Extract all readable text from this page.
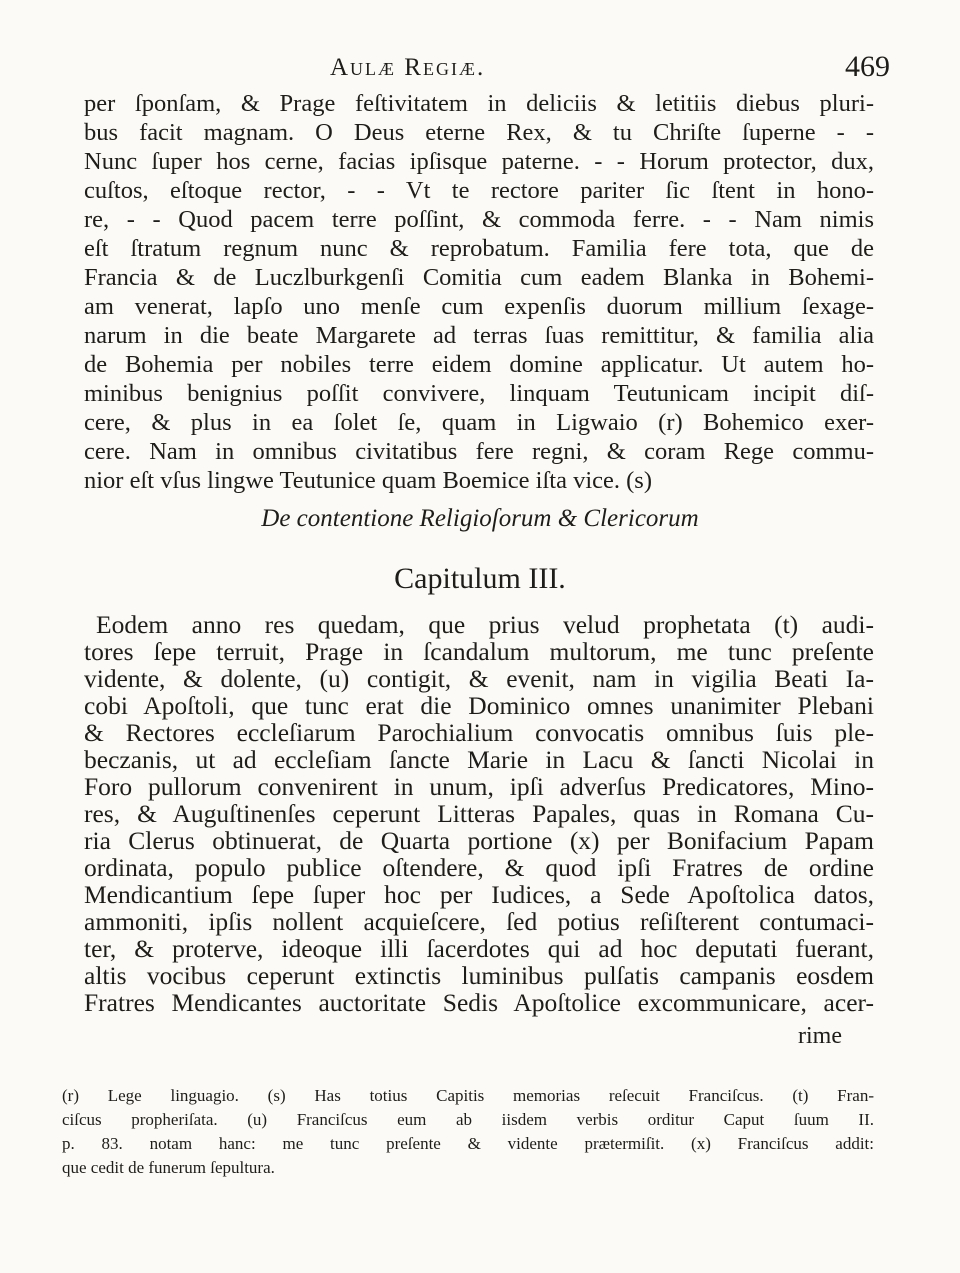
Aulæ Regiæ.	469
per ſponſam, & Prage feſtivitatem in deliciis & letitiis diebus pluri-
bus facit magnam. O Deus eterne Rex, & tu Chriſte ſuperne - -
Nunc ſuper hos cerne, facias ipſisque paterne. - - Horum protector, dux,
cuſtos, eſtoque rector, - - Vt te rectore pariter ſic ſtent in hono-
re, - - Quod pacem terre poſſint, & commoda ferre. - - Nam nimis
eſt ſtratum regnum nunc & reprobatum. Familia fere tota, que de
Francia & de Luczlburkgenſi Comitia cum eadem Blanka in Bohemi-
am venerat, lapſo uno menſe cum expenſis duorum millium ſexage-
narum in die beate Margarete ad terras ſuas remittitur, & familia alia
de Bohemia per nobiles terre eidem domine applicatur. Ut autem ho-
minibus benignius poſſit convivere, linquam Teutunicam incipit diſ-
cere, & plus in ea ſolet ſe, quam in Ligwaio (r) Bohemico exer-
cere. Nam in omnibus civitatibus fere regni, & coram Rege commu-
nior eſt vſus lingwe Teutunice quam Boemice iſta vice. (s)
De contentione Religioſorum & Clericorum
Capitulum III.
Eodem anno res quedam, que prius velud prophetata (t) audi-
tores ſepe terruit, Prage in ſcandalum multorum, me tunc preſente
vidente, & dolente, (u) contigit, & evenit, nam in vigilia Beati Ia-
cobi Apoſtoli, que tunc erat die Dominico omnes unanimiter Plebani
& Rectores eccleſiarum Parochialium convocatis omnibus ſuis ple-
beczanis, ut ad eccleſiam ſancte Marie in Lacu & ſancti Nicolai in
Foro pullorum convenirent in unum, ipſi adverſus Predicatores, Mino-
res, & Auguſtinenſes ceperunt Litteras Papales, quas in Romana Cu-
ria Clerus obtinuerat, de Quarta portione (x) per Bonifacium Papam
ordinata, populo publice oſtendere, & quod ipſi Fratres de ordine
Mendicantium ſepe ſuper hoc per Iudices, a Sede Apoſtolica datos,
ammoniti, ipſis nollent acquieſcere, ſed potius reſiſterent contumaci-
ter, & proterve, ideoque illi ſacerdotes qui ad hoc deputati fuerant,
altis vocibus ceperunt extinctis luminibus pulſatis campanis eosdem
Fratres Mendicantes auctoritate Sedis Apoſtolice excommunicare, acer-
rime
(r) Lege linguagio. (s) Has totius Capitis memorias reſecuit Franciſcus. (t) Fran-
ciſcus propheriſata. (u) Franciſcus eum ab iisdem verbis orditur Caput ſuum II.
p. 83. notam hanc: me tunc preſente & vidente prætermiſit. (x) Franciſcus addit:
que cedit de funerum ſepultura.
